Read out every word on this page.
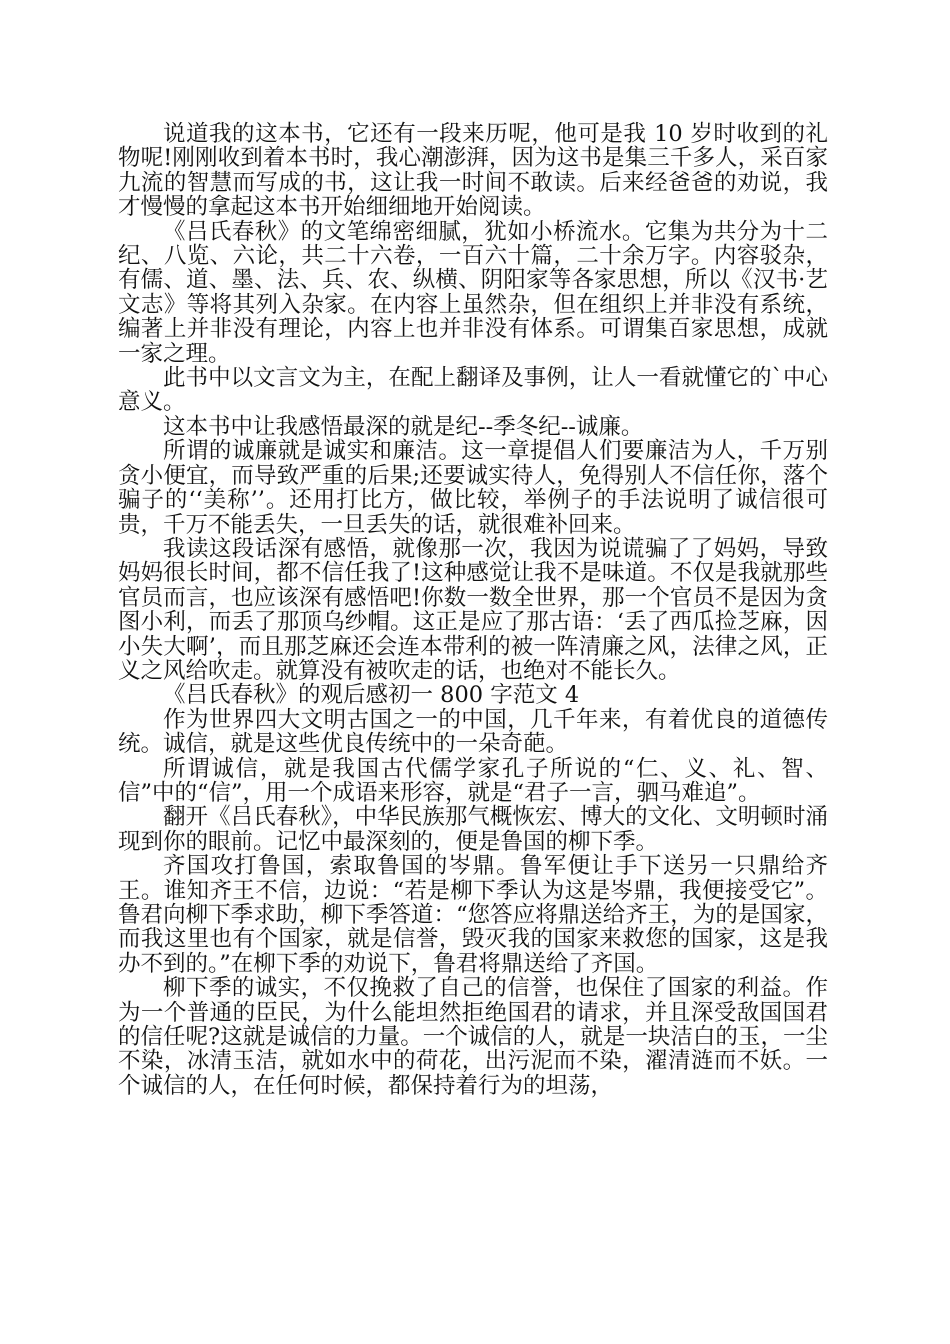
说道我的这本书，它还有一段来历呢，他可是我 10 岁时收到的礼物呢!刚刚收到着本书时，我心潮澎湃，因为这书是集三千多人，采百家九流的智慧而写成的书，这让我一时间不敢读。后来经爸爸的劝说，我才慢慢的拿起这本书开始细细地开始阅读。

《吕氏春秋》的文笔绵密细腻，犹如小桥流水。它集为共分为十二纪、八览、六论，共二十六卷，一百六十篇，二十余万字。内容驳杂，有儒、道、墨、法、兵、农、纵横、阴阳家等各家思想，所以《汉书·艺文志》等将其列入杂家。在内容上虽然杂，但在组织上并非没有系统，编著上并非没有理论，内容上也并非没有体系。可谓集百家思想，成就一家之理。

此书中以文言文为主，在配上翻译及事例，让人一看就懂它的`中心意义。

这本书中让我感悟最深的就是纪--季冬纪--诚廉。

所谓的诚廉就是诚实和廉洁。这一章提倡人们要廉洁为人，千万别贪小便宜，而导致严重的后果;还要诚实待人，免得别人不信任你，落个骗子的‘‘美称’’。还用打比方，做比较，举例子的手法说明了诚信很可贵，千万不能丢失，一旦丢失的话，就很难补回来。

我读这段话深有感悟，就像那一次，我因为说谎骗了了妈妈，导致妈妈很长时间，都不信任我了!这种感觉让我不是味道。不仅是我就那些官员而言，也应该深有感悟吧!你数一数全世界，那一个官员不是因为贪图小利，而丢了那顶乌纱帽。这正是应了那古语：‘丢了西瓜捡芝麻，因小失大啊’，而且那芝麻还会连本带利的被一阵清廉之风，法律之风，正义之风给吹走。就算没有被吹走的话，也绝对不能长久。

《吕氏春秋》的观后感初一 800 字范文 4

作为世界四大文明古国之一的中国，几千年来，有着优良的道德传统。诚信，就是这些优良传统中的一朵奇葩。

所谓诚信，就是我国古代儒学家孔子所说的“仁、义、礼、智、信”中的“信”，用一个成语来形容，就是“君子一言，驷马难追”。

翻开《吕氏春秋》，中华民族那气概恢宏、博大的文化、文明顿时涌现到你的眼前。记忆中最深刻的，便是鲁国的柳下季。

齐国攻打鲁国，索取鲁国的岑鼎。鲁军便让手下送另一只鼎给齐王。谁知齐王不信，边说：“若是柳下季认为这是岑鼎，我便接受它”。鲁君向柳下季求助，柳下季答道：“您答应将鼎送给齐王，为的是国家，而我这里也有个国家，就是信誉，毁灭我的国家来救您的国家，这是我办不到的。”在柳下季的劝说下，鲁君将鼎送给了齐国。

柳下季的诚实，不仅挽救了自己的信誉，也保住了国家的利益。作为一个普通的臣民，为什么能坦然拒绝国君的请求，并且深受敌国国君的信任呢?这就是诚信的力量。一个诚信的人，就是一块洁白的玉，一尘不染，冰清玉洁，就如水中的荷花，出污泥而不染，濯清涟而不妖。一个诚信的人，在任何时候，都保持着行为的坦荡，
